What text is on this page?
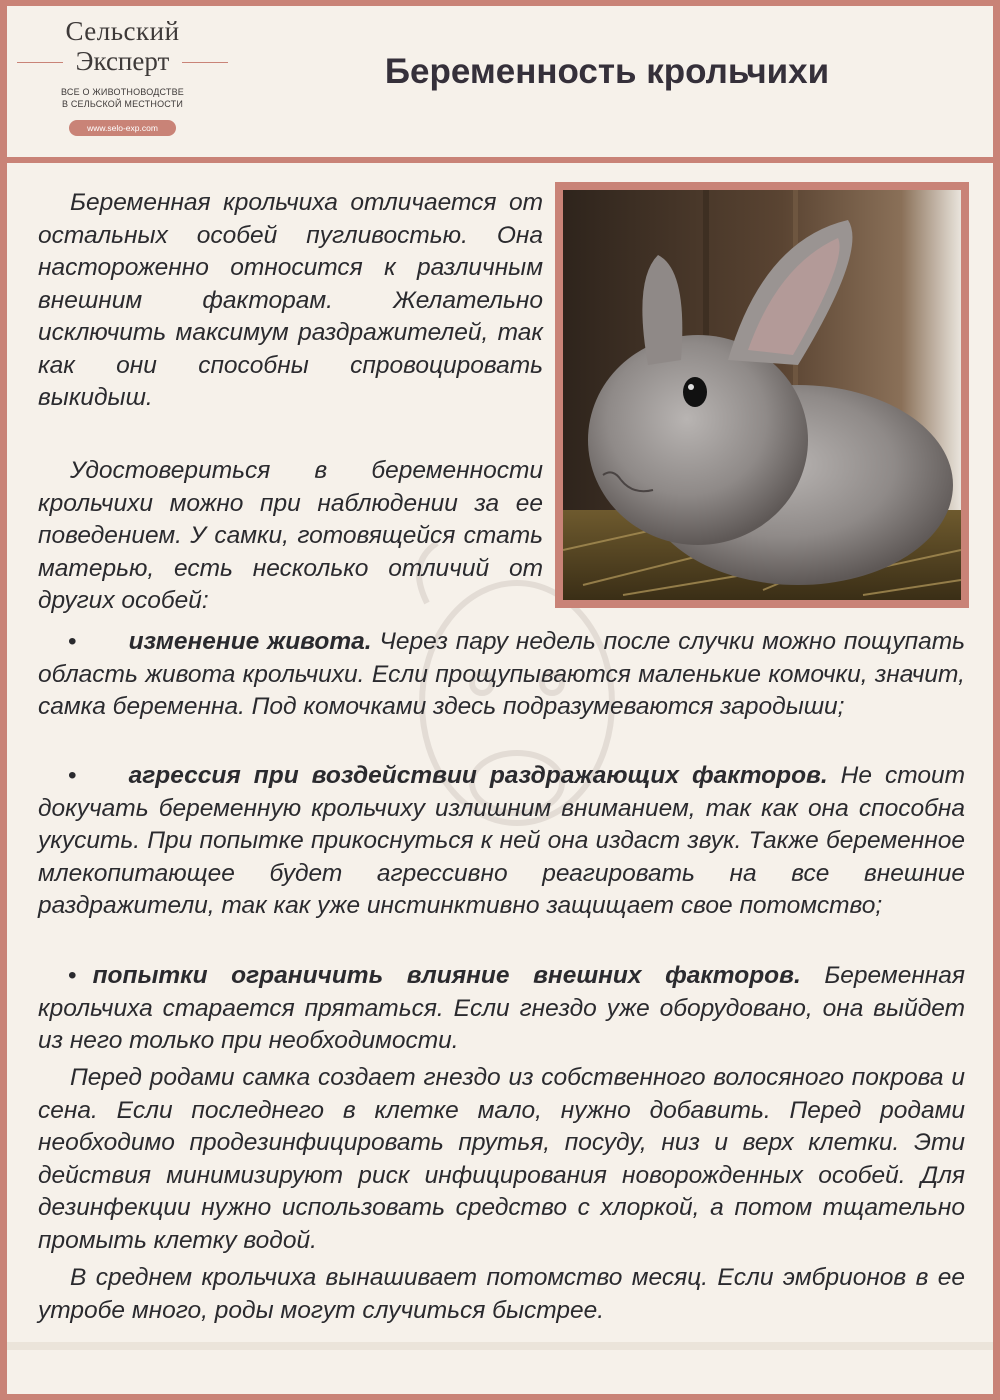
Сельский
Эксперт
ВСЕ О ЖИВОТНОВОДСТВЕ
В СЕЛЬСКОЙ МЕСТНОСТИ
www.selo-exp.com
Беременность крольчихи

Беременная крольчиха отличается от остальных особей пугливостью. Она настороженно относится к различным внешним факторам. Желательно исключить максимум раздражителей, так как они способны спровоцировать выкидыш.

Удостовериться в беременности крольчихи можно при наблюдении за ее поведением. У самки, готовящейся стать матерью, есть несколько отличий от других особей:

• изменение живота. Через пару недель после случки можно пощупать область живота крольчихи. Если прощупываются маленькие комочки, значит, самка беременна. Под комочками здесь подразумеваются зародыши;

• агрессия при воздействии раздражающих факторов. Не стоит докучать беременную крольчиху излишним вниманием, так как она способна укусить. При попытке прикоснуться к ней она издаст звук. Также беременное млекопитающее будет агрессивно реагировать на все внешние раздражители, так как уже инстинктивно защищает свое потомство;

• попытки ограничить влияние внешних факторов. Беременная крольчиха старается прятаться. Если гнездо уже оборудовано, она выйдет из него только при необходимости.

Перед родами самка создает гнездо из собственного волосяного покрова и сена. Если последнего в клетке мало, нужно добавить. Перед родами необходимо продезинфицировать прутья, посуду, низ и верх клетки. Эти действия минимизируют риск инфицирования новорожденных особей. Для дезинфекции нужно использовать средство с хлоркой, а потом тщательно промыть клетку водой.

В среднем крольчиха вынашивает потомство месяц. Если эмбрионов в ее утробе много, роды могут случиться быстрее.
